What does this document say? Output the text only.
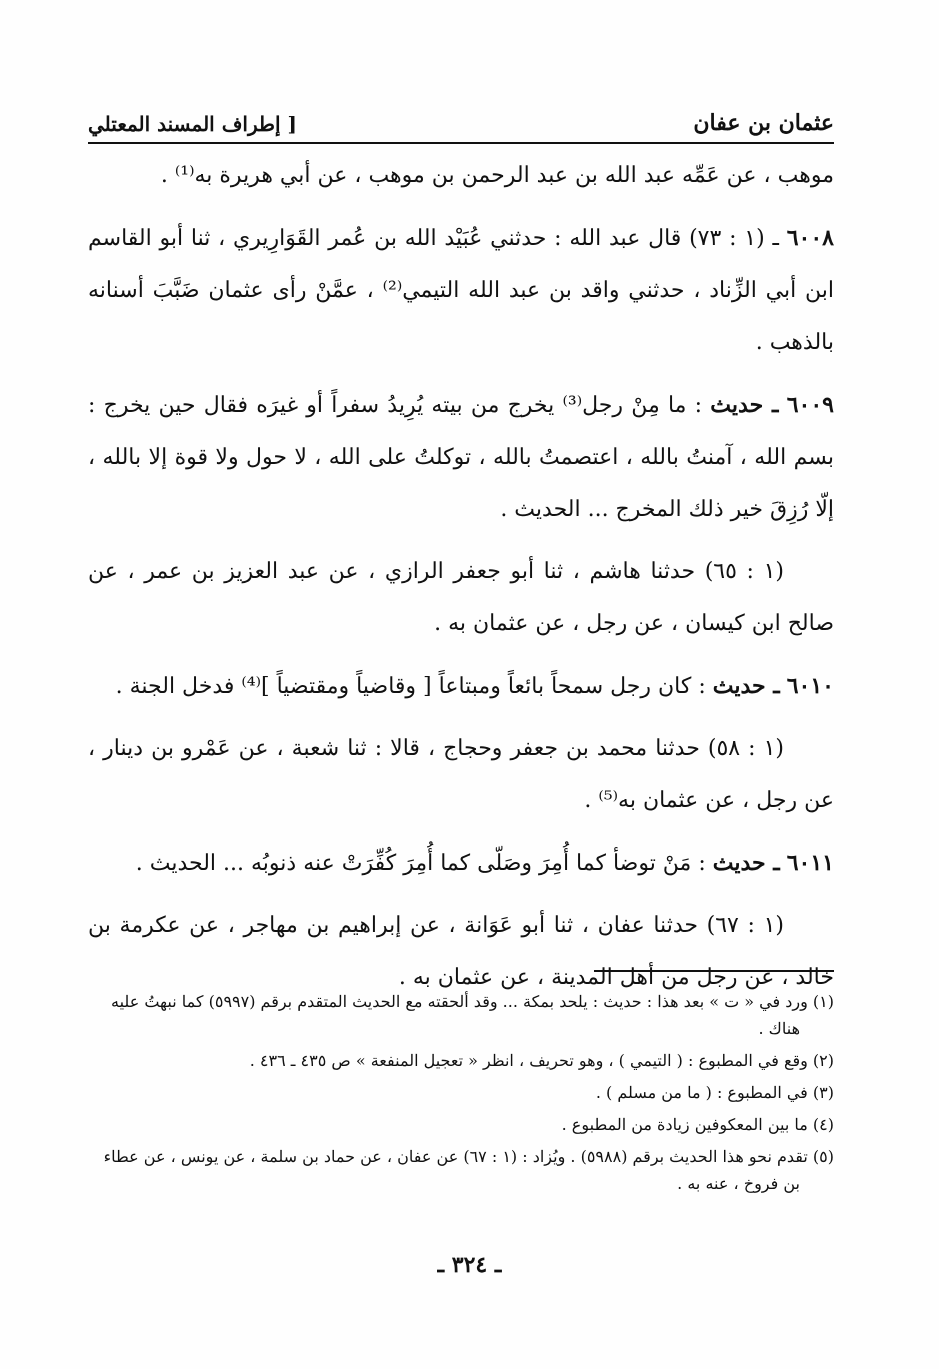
عثمان بن عفان
[ إطراف المسند المعتلي

موهب ، عن عَمِّه عبد الله بن عبد الرحمن بن موهب ، عن أبي هريرة به⁽¹⁾ .

٦٠٠٨ ـ (١ : ٧٣) قال عبد الله : حدثني عُبَيْد الله بن عُمر القَوَارِيري ، ثنا أبو القاسم ابن أبي الزِّناد ، حدثني واقد بن عبد الله التيمي⁽²⁾ ، عمَّنْ رأى عثمان ضَبَّبَ أسنانه بالذهب .

٦٠٠٩ ـ حديث : ما مِنْ رجل⁽³⁾ يخرج من بيته يُرِيدُ سفراً أو غيرَه فقال حين يخرج : بسم الله ، آمنتُ بالله ، اعتصمتُ بالله ، توكلتُ على الله ، لا حول ولا قوة إلا بالله ، إلّا رُزِقَ خير ذلك المخرج ... الحديث .

(١ : ٦٥) حدثنا هاشم ، ثنا أبو جعفر الرازي ، عن عبد العزيز بن عمر ، عن صالح ابن كيسان ، عن رجل ، عن عثمان به .

٦٠١٠ ـ حديث : كان رجل سمحاً بائعاً ومبتاعاً [ وقاضياً ومقتضياً ]⁽⁴⁾ فدخل الجنة .

(١ : ٥٨) حدثنا محمد بن جعفر وحجاج ، قالا : ثنا شعبة ، عن عَمْرو بن دينار ، عن رجل ، عن عثمان به⁽⁵⁾ .

٦٠١١ ـ حديث : مَنْ توضأ كما أُمِرَ وصَلّى كما أُمِرَ كُفِّرَتْ عنه ذنوبُه ... الحديث .

(١ : ٦٧) حدثنا عفان ، ثنا أبو عَوَانة ، عن إبراهيم بن مهاجر ، عن عكرمة بن خالد ، عن رجل من أهل المدينة ، عن عثمان به .

(١) ورد في « ت » بعد هذا : حديث : يلحد بمكة ... وقد ألحقته مع الحديث المتقدم برقم (٥٩٩٧) كما نبهتُ عليه هناك .

(٢) وقع في المطبوع : ( التيمي ) ، وهو تحريف ، انظر « تعجيل المنفعة » ص ٤٣٥ ـ ٤٣٦ .

(٣) في المطبوع : ( ما من مسلم ) .

(٤) ما بين المعكوفين زيادة من المطبوع .

(٥) تقدم نحو هذا الحديث برقم (٥٩٨٨) . ويُزاد : (١ : ٦٧) عن عفان ، عن حماد بن سلمة ، عن يونس ، عن عطاء بن فروخ ، عنه به .

ـ ٣٢٤ ـ
